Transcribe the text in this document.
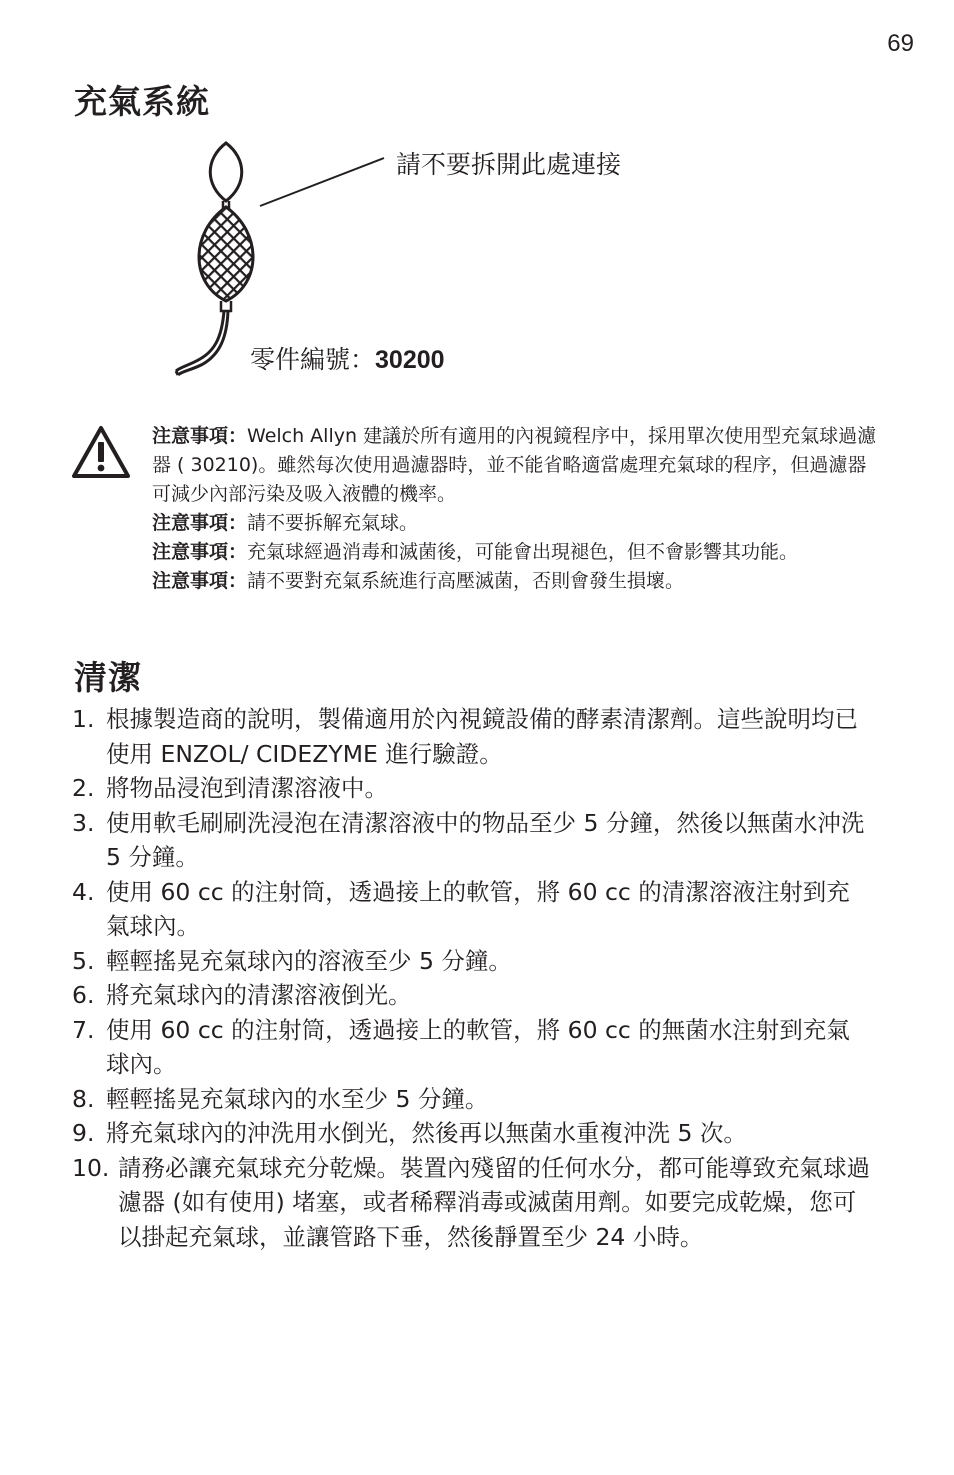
69
充氣系統
請不要拆開此處連接
零件編號：30200

注意事項：Welch Allyn 建議於所有適用的內視鏡程序中，採用單次使用型充氣球過濾器 ( 30210)。雖然每次使用過濾器時，並不能省略適當處理充氣球的程序，但過濾器可減少內部污染及吸入液體的機率。

注意事項：請不要拆解充氣球。

注意事項：充氣球經過消毒和滅菌後，可能會出現褪色，但不會影響其功能。

注意事項：請不要對充氣系統進行高壓滅菌，否則會發生損壞。

清潔
1. 根據製造商的說明，製備適用於內視鏡設備的酵素清潔劑。這些說明均已使用 ENZOL/ CIDEZYME 進行驗證。
2. 將物品浸泡到清潔溶液中。
3. 使用軟毛刷刷洗浸泡在清潔溶液中的物品至少 5 分鐘，然後以無菌水沖洗 5 分鐘。
4. 使用 60 cc 的注射筒，透過接上的軟管，將 60 cc 的清潔溶液注射到充氣球內。
5. 輕輕搖晃充氣球內的溶液至少 5 分鐘。
6. 將充氣球內的清潔溶液倒光。
7. 使用 60 cc 的注射筒，透過接上的軟管，將 60 cc 的無菌水注射到充氣球內。
8. 輕輕搖晃充氣球內的水至少 5 分鐘。
9. 將充氣球內的沖洗用水倒光，然後再以無菌水重複沖洗 5 次。
10. 請務必讓充氣球充分乾燥。裝置內殘留的任何水分，都可能導致充氣球過濾器 (如有使用) 堵塞，或者稀釋消毒或滅菌用劑。如要完成乾燥，您可以掛起充氣球，並讓管路下垂，然後靜置至少 24 小時。
